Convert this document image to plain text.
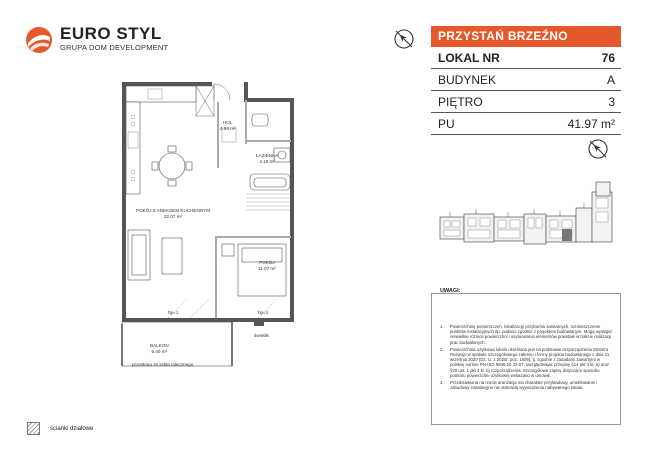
EURO STYL
GRUPA DOM DEVELOPMENT
PRZYSTAŃ BRZEŹNO
LOKAL NR	76
BUDYNEK	A
PIĘTRO	3
PU	41.97 m²
HOL
4.64 m²
ŁAZIENKA
4.19 m²
POKÓJ Z ANEKSEM KUCHENNYM
22.07 m²
POKÓJ
11.07 m²
BALKON
5.40 m²
przesłona ze szkła mlecznego
świetlik
hp=1	hp=1
1.	Powierzchnię pomieszczeń, lokalizację przyborów sanitarnych, rozmieszczenie punktów instalacyjnych itp. podano zgodnie z projektem budowlanym. Mogą wystąpić niewielkie różnice powierzchni i usytuowania elementów powstałe w trakcie realizacji prac budowlanych.
2.	Powierzchnia użytkowa lokalu określona jest na podstawie rozporządzenia Ministra Rozwoju w sprawie szczegółowego zakresu i formy projektu budowlanego z dnia 11 września 2020 (Dz. U. z 2020r. poz. 1609), tj. zgodnie z zasadami zawartymi w polskiej normie PN-ISO 9836:20 22-07, uwzględniając przepisy §14 pkt 4 lit. a) oraz §20 ust. 1 pkt 4 lit. b) rozporządzenia. Szczegółowe zapisy dotyczące sposobu pomiaru powierzchni użytkowej wskazano w umowie.
3.	Przedstawiona na rzucie aranżacja ma charakter przykładowy, umeblowanie i zabudowy instalacyjne nie stanowią wyposażenia nabywanego lokalu.
UWAGI:
ścianki działowe
